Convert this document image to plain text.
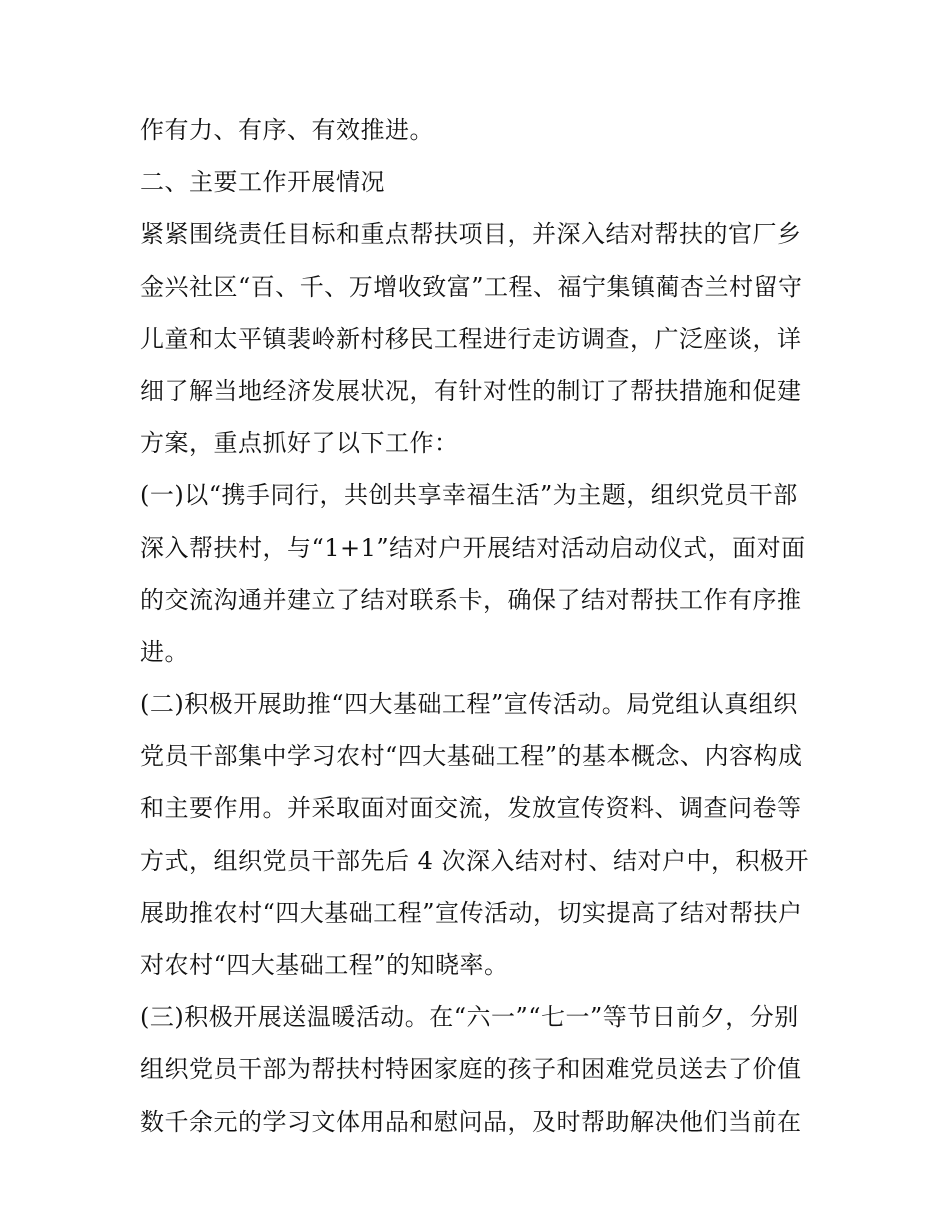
作有力、有序、有效推进。
二、主要工作开展情况
紧紧围绕责任目标和重点帮扶项目，并深入结对帮扶的官厂乡
金兴社区“百、千、万增收致富”工程、福宁集镇蔺杏兰村留守
儿童和太平镇裴岭新村移民工程进行走访调查，广泛座谈，详
细了解当地经济发展状况，有针对性的制订了帮扶措施和促建
方案，重点抓好了以下工作：
(一)以“携手同行，共创共享幸福生活”为主题，组织党员干部
深入帮扶村，与“1+1”结对户开展结对活动启动仪式，面对面
的交流沟通并建立了结对联系卡，确保了结对帮扶工作有序推
进。
(二)积极开展助推“四大基础工程”宣传活动。局党组认真组织
党员干部集中学习农村“四大基础工程”的基本概念、内容构成
和主要作用。并采取面对面交流，发放宣传资料、调查问卷等
方式，组织党员干部先后 4 次深入结对村、结对户中，积极开
展助推农村“四大基础工程”宣传活动，切实提高了结对帮扶户
对农村“四大基础工程”的知晓率。
(三)积极开展送温暖活动。在“六一”“七一”等节日前夕，分别
组织党员干部为帮扶村特困家庭的孩子和困难党员送去了价值
数千余元的学习文体用品和慰问品，及时帮助解决他们当前在
